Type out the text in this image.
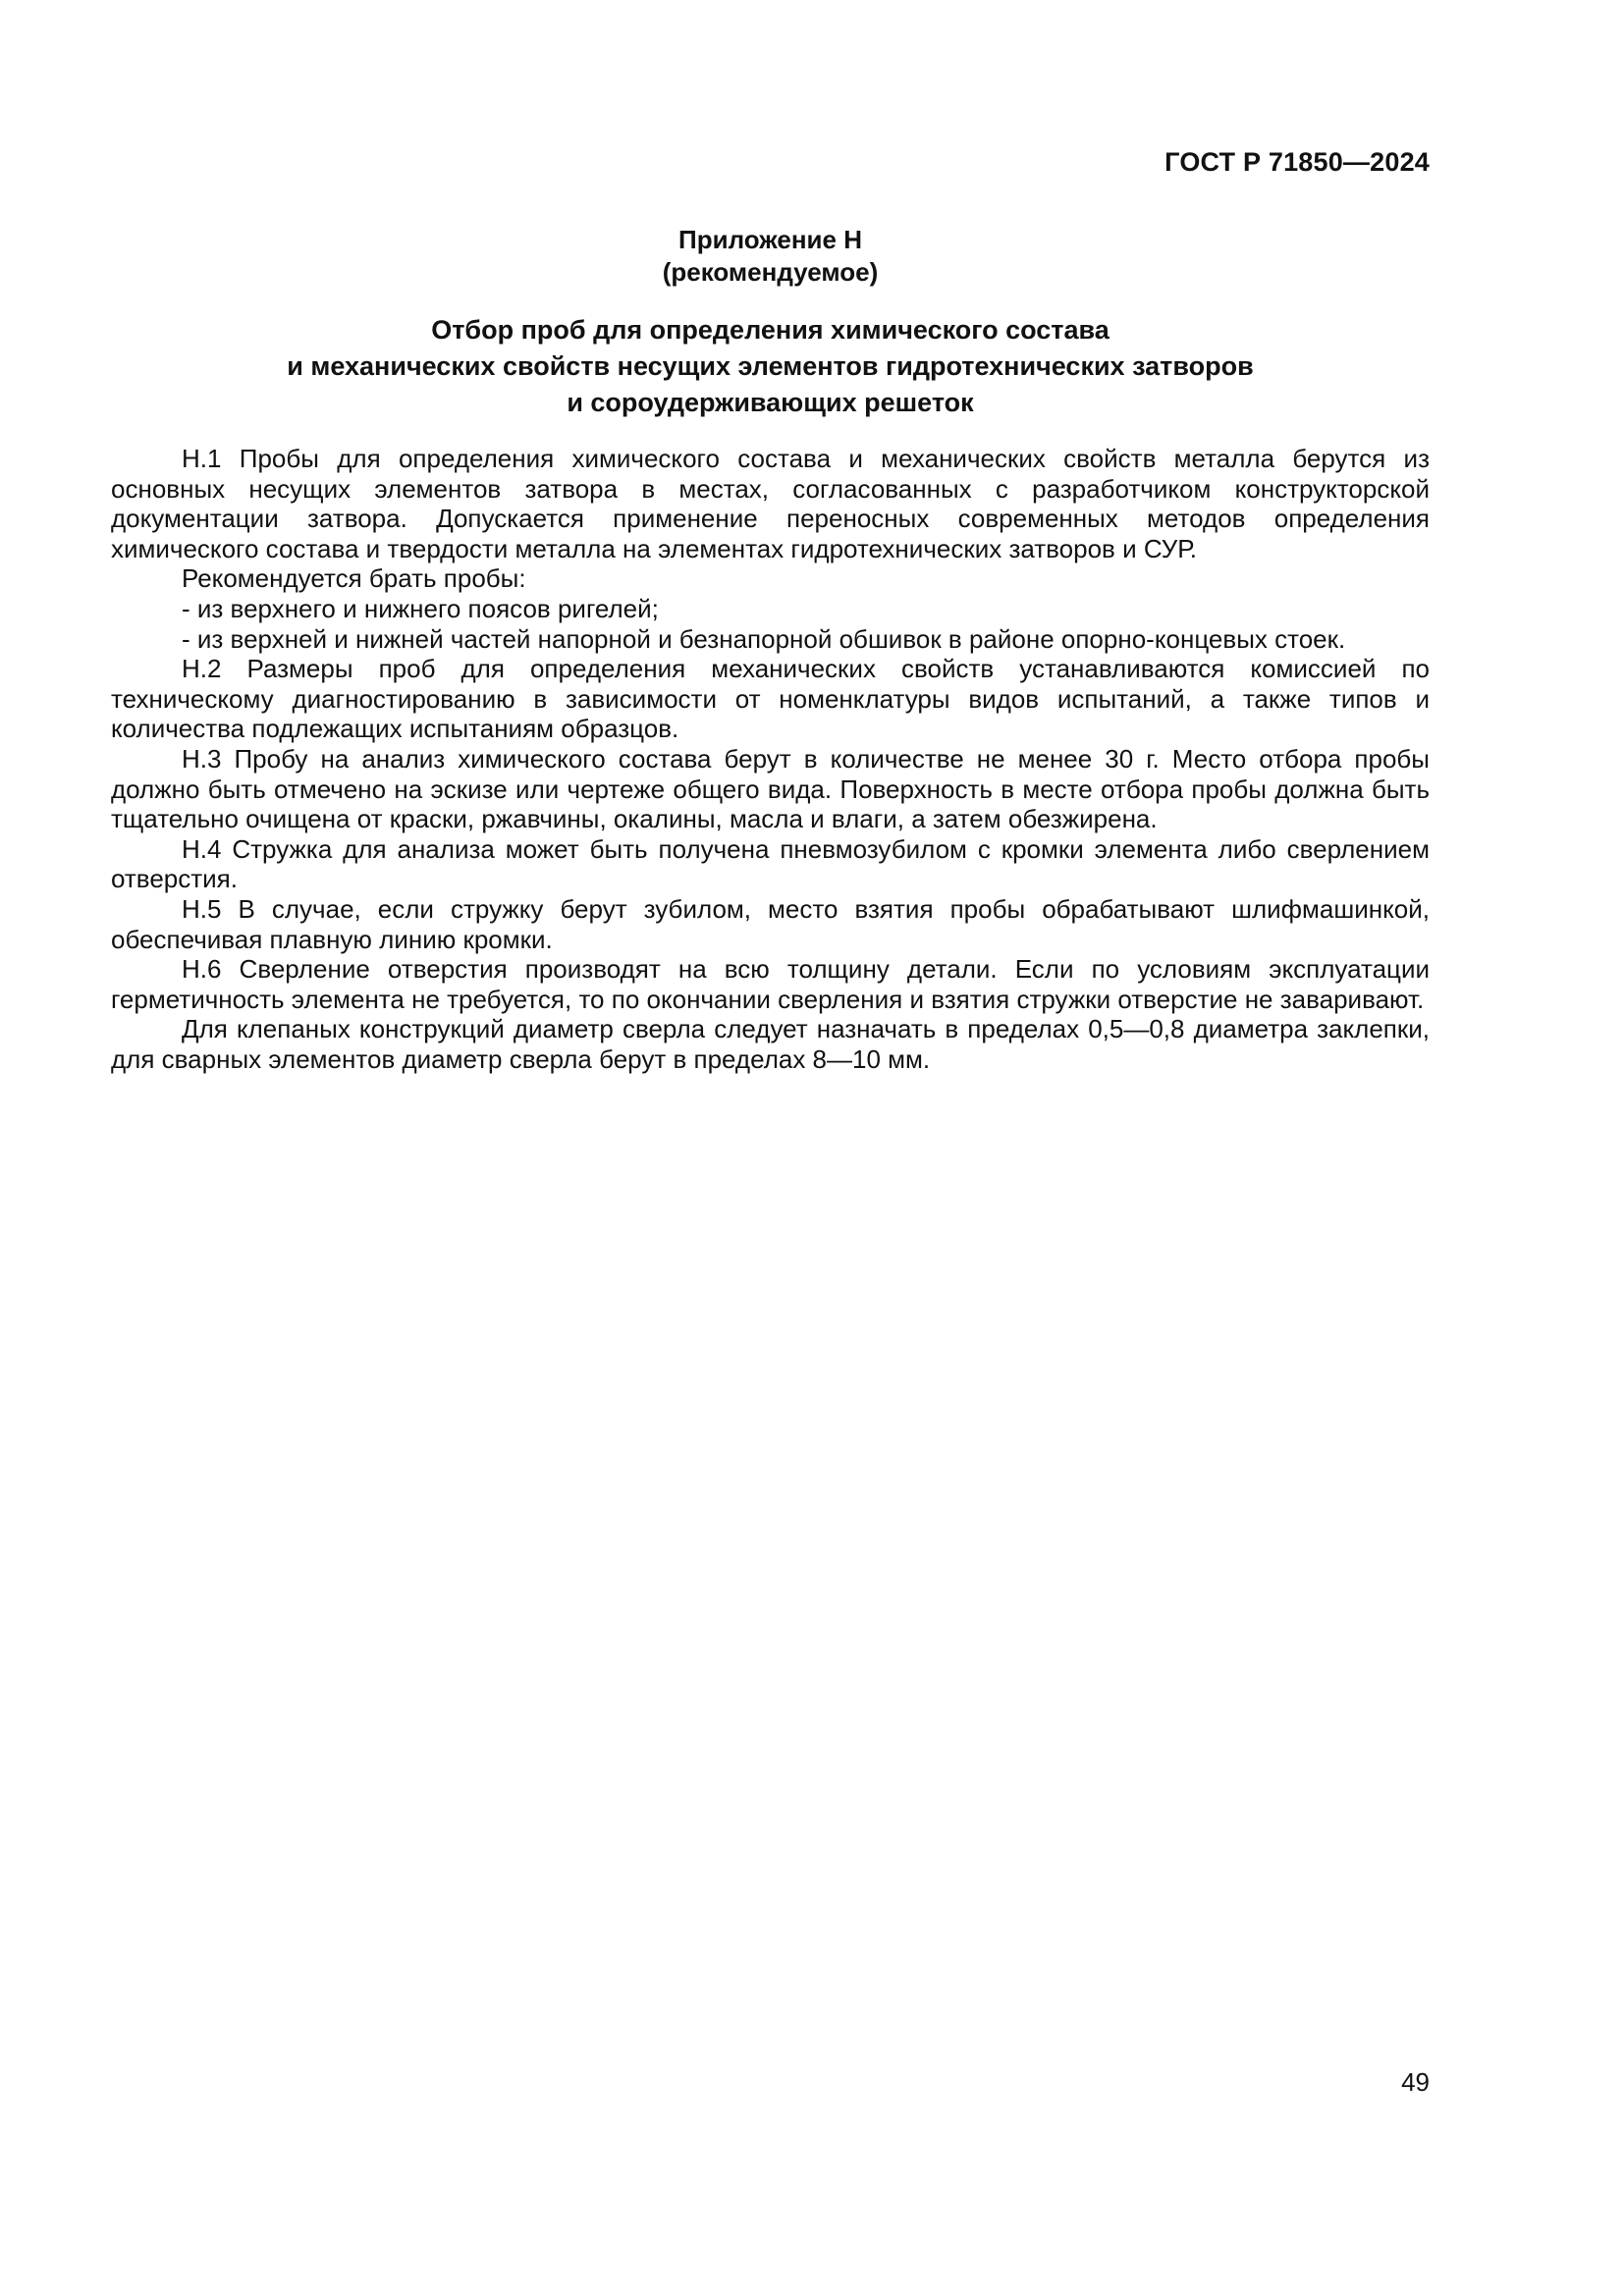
ГОСТ Р 71850—2024
Приложение Н
(рекомендуемое)
Отбор проб для определения химического состава
и механических свойств несущих элементов гидротехнических затворов
и сороудерживающих решеток

Н.1 Пробы для определения химического состава и механических свойств металла берутся из основных несущих элементов затвора в местах, согласованных с разработчиком конструкторской документации затвора. Допускается применение переносных современных методов определения химического состава и твердости металла на элементах гидротехнических затворов и СУР.

Рекомендуется брать пробы:

- из верхнего и нижнего поясов ригелей;

- из верхней и нижней частей напорной и безнапорной обшивок в районе опорно-концевых стоек.

Н.2 Размеры проб для определения механических свойств устанавливаются комиссией по техническому диагностированию в зависимости от номенклатуры видов испытаний, а также типов и количества подлежащих испытаниям образцов.

Н.3 Пробу на анализ химического состава берут в количестве не менее 30 г. Место отбора пробы должно быть отмечено на эскизе или чертеже общего вида. Поверхность в месте отбора пробы должна быть тщательно очищена от краски, ржавчины, окалины, масла и влаги, а затем обезжирена.

Н.4 Стружка для анализа может быть получена пневмозубилом с кромки элемента либо сверлением отверстия.

Н.5 В случае, если стружку берут зубилом, место взятия пробы обрабатывают шлифмашинкой, обеспечивая плавную линию кромки.

Н.6 Сверление отверстия производят на всю толщину детали. Если по условиям эксплуатации герметичность элемента не требуется, то по окончании сверления и взятия стружки отверстие не заваривают.

Для клепаных конструкций диаметр сверла следует назначать в пределах 0,5—0,8 диаметра заклепки, для сварных элементов диаметр сверла берут в пределах 8—10 мм.

49
